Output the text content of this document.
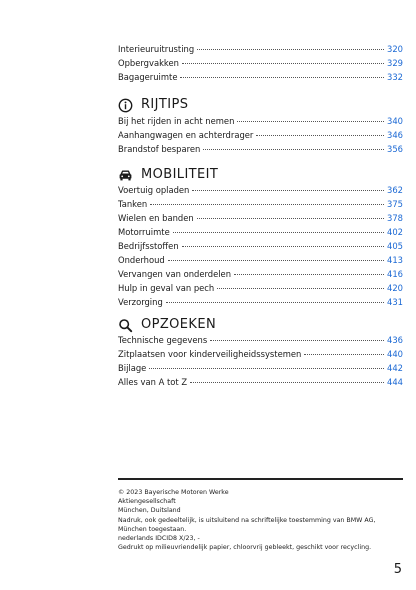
Interieuruitrusting	320
Opbergvakken	329
Bagageruimte	332
RIJTIPS
Bij het rijden in acht nemen	340
Aanhangwagen en achterdrager	346
Brandstof besparen	356
MOBILITEIT
Voertuig opladen	362
Tanken	375
Wielen en banden	378
Motorruimte	402
Bedrijfsstoffen	405
Onderhoud	413
Vervangen van onderdelen	416
Hulp in geval van pech	420
Verzorging	431
OPZOEKEN
Technische gegevens	436
Zitplaatsen voor kinderveiligheidssystemen	440
Bijlage	442
Alles van A tot Z	444
© 2023 Bayerische Motoren Werke
Aktiengesellschaft
München, Duitsland
Nadruk, ook gedeeltelijk, is uitsluitend na schriftelijke toestemming van BMW AG,
München toegestaan.
nederlands IDCID8 X/23, -
Gedrukt op milieuvriendelijk papier, chloorvrij gebleekt, geschikt voor recycling.
5
